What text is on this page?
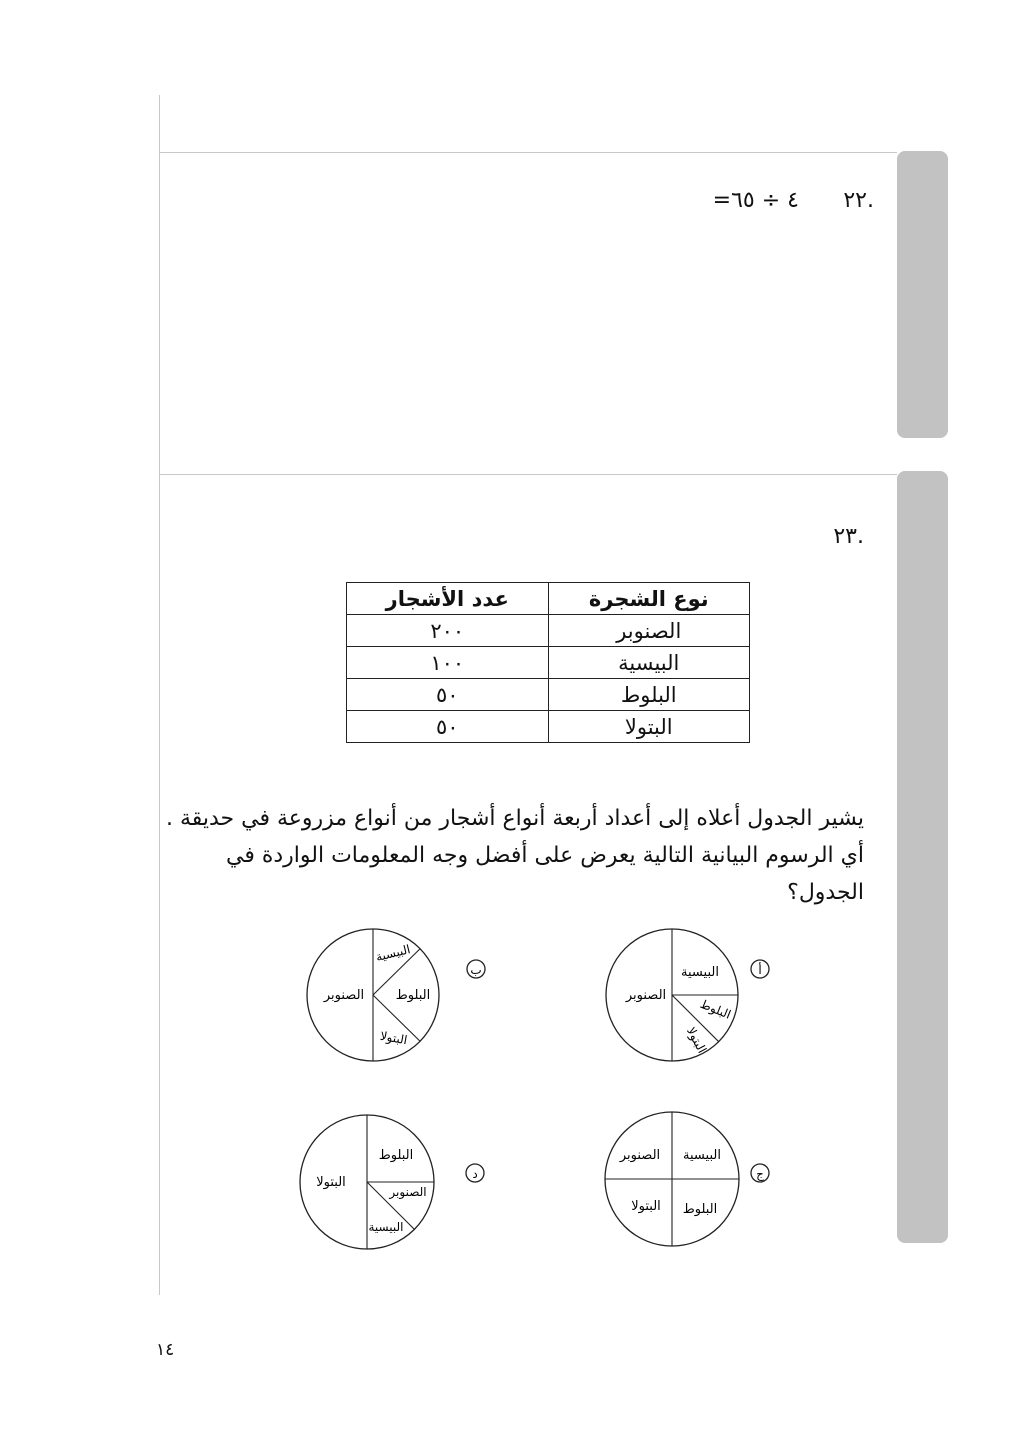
.٢٢
=٤ ÷ ٦٥
.٢٣
نوع الشجرة	عدد الأشجار
الصنوبر	٢٠٠
البيسية	١٠٠
البلوط	٥٠
البتولا	٥٠
يشير الجدول أعلاه إلى أعداد أربعة أنواع أشجار من أنواع مزروعة في حديقة .
أي الرسوم البيانية التالية يعرض على أفضل وجه المعلومات الواردة في
الجدول؟
الصنوبر
البيسية
البلوط
البتولا
أ
الصنوبر
البيسية
البلوط
البتولا
ب
البيسية
الصنوبر
البتولا البلوط
ج
البتولا
البلوط
الصنوبر
البيسية
د
١٤
